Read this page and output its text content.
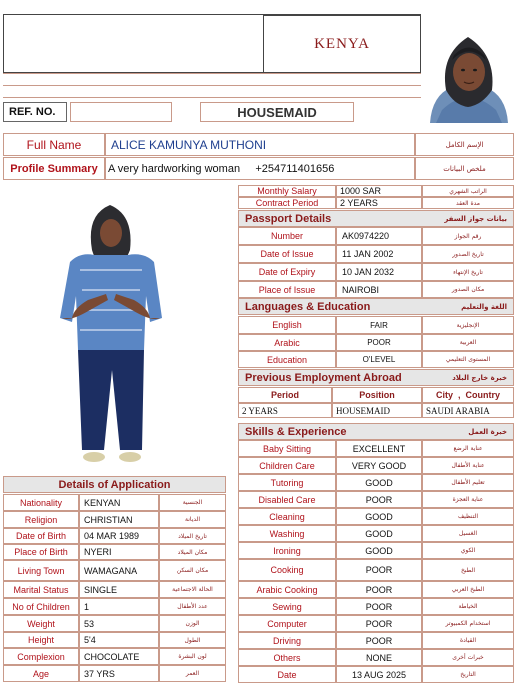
KENYA
REF. NO.	HOUSEMAID
Full Name	ALICE KAMUNYA MUTHONI	الإسم الكامل
Profile Summary A very hardworking woman     +254711401656	ملخص البيانات
Monthly Salary	1000 SAR	الراتب الشهري
Contract Period	2 YEARS	مدة العقد
Passport Details	بيانات جواز السفر
Number	AK0974220	رقم الجواز
Date of Issue	11 JAN 2002	تاريخ الصدور
Date of Expiry	10 JAN 2032	تاريخ الإنتهاء
Place of Issue	NAIROBI	مكان الصدور
Languages & Education	اللغة والتعليم
English	FAIR	الإنجليزية
Arabic	POOR	العربية
Education	O'LEVEL	المستوى التعليمي
Previous Employment Abroad	خبرة خارج البلاد
Period	Position	City  ,  Country
2 YEARS	HOUSEMAID	SAUDI ARABIA
Skills & Experience	خبرة العمل
Baby Sitting	EXCELLENT	عناية الرضع
Children Care	VERY GOOD	عناية الأطفال
Tutoring	GOOD	تعليم الأطفال
Disabled Care	POOR	عناية العجزة
Cleaning	GOOD	التنظيف
Washing	GOOD	الغسيل
Ironing	GOOD	الكوي
Cooking	POOR	الطبخ
Arabic Cooking	POOR	الطبخ العربي
Sewing	POOR	الخياطة
Computer	POOR	استخدام الكمبيوتر
Driving	POOR	القيادة
Others	NONE	خبرات أخرى
Date	13 AUG 2025	التاريخ
Details of Application
Nationality	KENYAN	الجنسية
Religion	CHRISTIAN	الديانة
Date of Birth	04 MAR 1989	تاريخ الميلاد
Place of Birth	NYERI	مكان الميلاد
Living Town	WAMAGANA	مكان السكن
Marital Status	SINGLE	الحالة الاجتماعية
No of Children	1	عدد الأطفال
Weight	53	الوزن
Height	5'4	الطول
Complexion	CHOCOLATE	لون البشرة
Age	37 YRS	العمر
